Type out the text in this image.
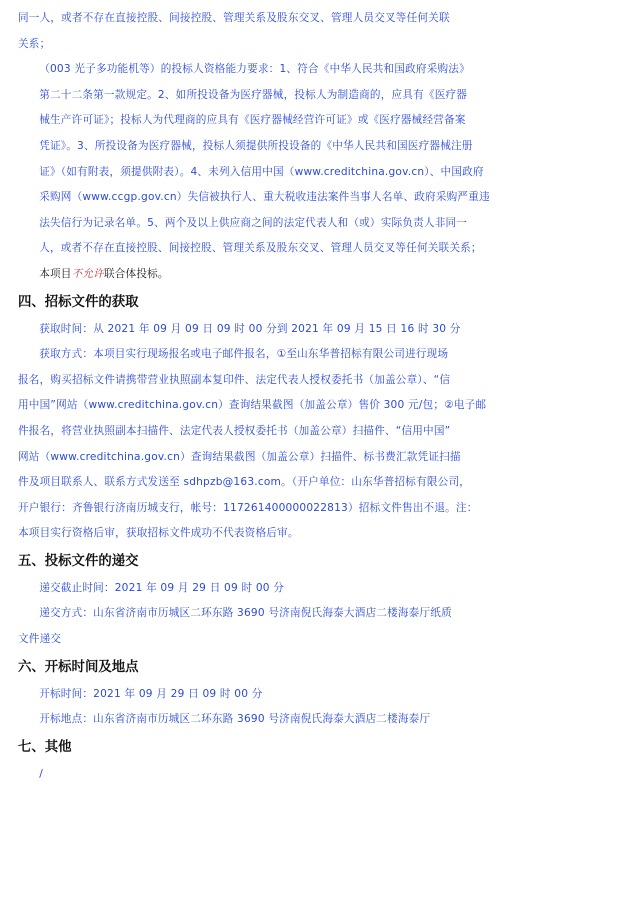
同一人，或者不存在直接控股、间接控股、管理关系及股东交叉、管理人员交叉等任何关联
关系；

（003 光子多功能机等）的投标人资格能力要求：1、符合《中华人民共和国政府采购法》
第二十二条第一款规定。2、如所投设备为医疗器械，投标人为制造商的，应具有《医疗器
械生产许可证》；投标人为代理商的应具有《医疗器械经营许可证》或《医疗器械经营备案
凭证》。3、所投设备为医疗器械，投标人须提供所投设备的《中华人民共和国医疗器械注册
证》（如有附表，须提供附表）。4、未列入信用中国（www.creditchina.gov.cn）、中国政府
采购网（www.ccgp.gov.cn）失信被执行人、重大税收违法案件当事人名单、政府采购严重违
法失信行为记录名单。5、两个及以上供应商之间的法定代表人和（或）实际负责人非同一
人，或者不存在直接控股、间接控股、管理关系及股东交叉、管理人员交叉等任何关联关系；

本项目不允许联合体投标。

四、招标文件的获取

获取时间：从 2021 年 09 月 09 日 09 时 00 分到 2021 年 09 月 15 日 16 时 30 分

获取方式：本项目实行现场报名或电子邮件报名，①至山东华普招标有限公司进行现场
报名，购买招标文件请携带营业执照副本复印件、法定代表人授权委托书（加盖公章）、“信
用中国”网站（www.creditchina.gov.cn）查询结果截图（加盖公章）售价 300 元/包；②电子邮
件报名，将营业执照副本扫描件、法定代表人授权委托书（加盖公章）扫描件、“信用中国”
网站（www.creditchina.gov.cn）查询结果截图（加盖公章）扫描件、标书费汇款凭证扫描
件及项目联系人、联系方式发送至 sdhpzb@163.com。（开户单位：山东华普招标有限公司，
开户银行：齐鲁银行济南历城支行，帐号：117261400000022813）招标文件售出不退。注：
本项目实行资格后审，获取招标文件成功不代表资格后审。

五、投标文件的递交

递交截止时间：2021 年 09 月 29 日 09 时 00 分
递交方式：山东省济南市历城区二环东路 3690 号济南倪氏海泰大酒店二楼海泰厅纸质
文件递交

六、开标时间及地点

开标时间：2021 年 09 月 29 日 09 时 00 分
开标地点：山东省济南市历城区二环东路 3690 号济南倪氏海泰大酒店二楼海泰厅

七、其他

/
